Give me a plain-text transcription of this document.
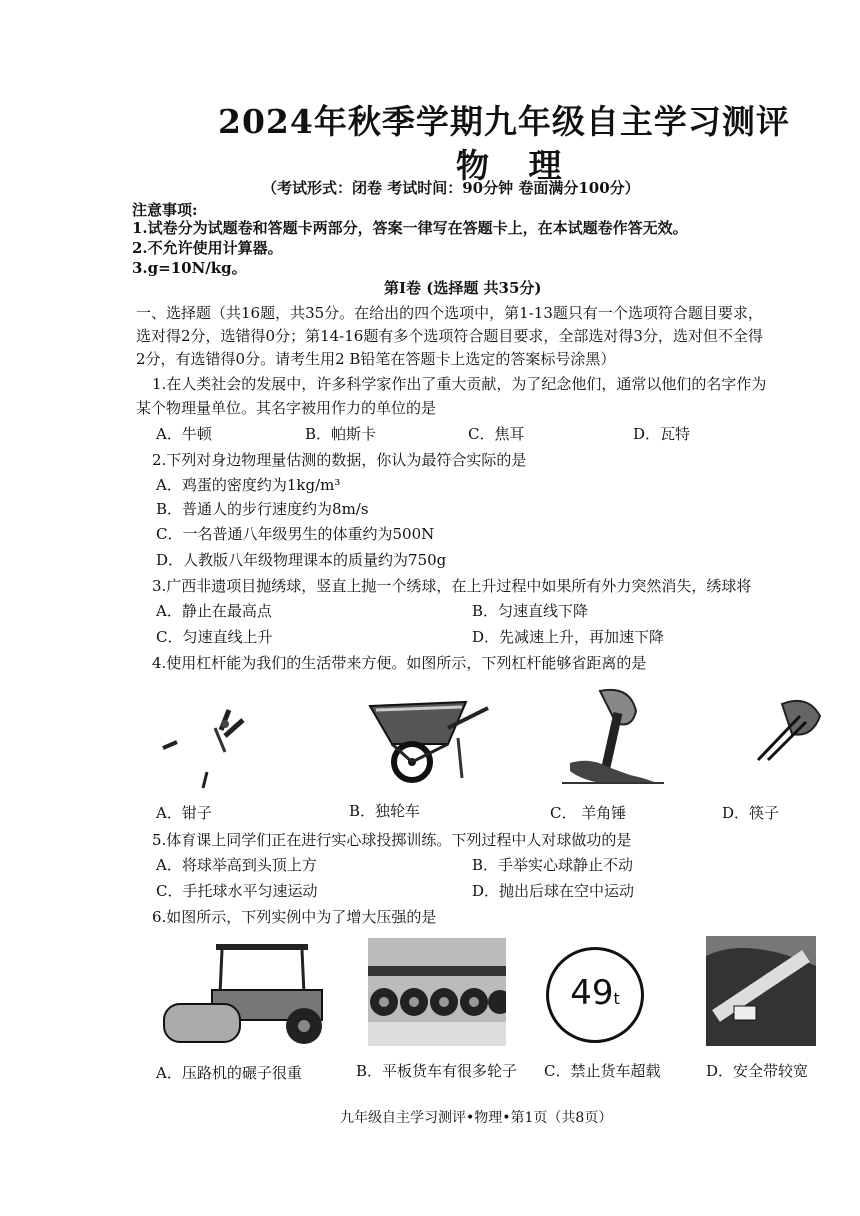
2024年秋季学期九年级自主学习测评
物 理
（考试形式：闭卷 考试时间：90分钟 卷面满分100分）
注意事项:
1.试卷分为试题卷和答题卡两部分，答案一律写在答题卡上，在本试题卷作答无效。
2.不允许使用计算器。
3.g=10N/kg。
第Ⅰ卷 (选择题 共35分)
一、选择题（共16题，共35分。在给出的四个选项中，第1-13题只有一个选项符合题目要求，
选对得2分，选错得0分；第14-16题有多个选项符合题目要求，全部选对得3分，选对但不全得
2分，有选错得0分。请考生用2 B铅笔在答题卡上选定的答案标号涂黑）
1.在人类社会的发展中，许多科学家作出了重大贡献，为了纪念他们，通常以他们的名字作为
某个物理量单位。其名字被用作力的单位的是
A．牛顿	B．帕斯卡	C．焦耳	D．瓦特
2.下列对身边物理量估测的数据，你认为最符合实际的是
A．鸡蛋的密度约为1kg/m³
B．普通人的步行速度约为8m/s
C．一名普通八年级男生的体重约为500N
D．人教版八年级物理课本的质量约为750g
3.广西非遗项目抛绣球，竖直上抛一个绣球，在上升过程中如果所有外力突然消失，绣球将
A．静止在最高点	B．匀速直线下降
C．匀速直线上升	D．先减速上升，再加速下降
4.使用杠杆能为我们的生活带来方便。如图所示，下列杠杆能够省距离的是
A．钳子	B．独轮车	C． 羊角锤	D．筷子
5.体育课上同学们正在进行实心球投掷训练。下列过程中人对球做功的是
A．将球举高到头顶上方	B．手举实心球静止不动
C．手托球水平匀速运动	D．抛出后球在空中运动
6.如图所示，下列实例中为了增大压强的是
49t
A．压路机的碾子很重	B．平板货车有很多轮子 C．禁止货车超载	D．安全带较宽
九年级自主学习测评•物理•第1页（共8页）
